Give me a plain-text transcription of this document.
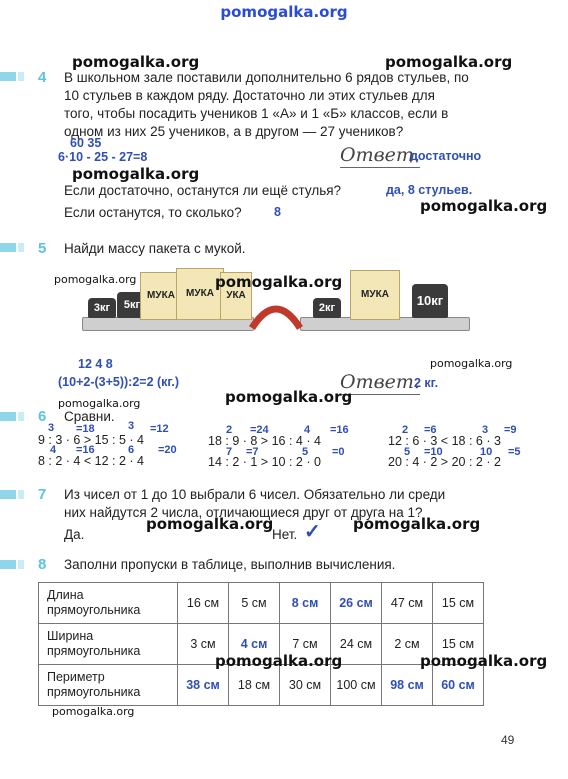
pomogalka.org
4 В школьном зале поставили дополнительно 6 рядов стульев, по
10 стульев в каждом ряду. Достаточно ли этих стульев для
того, чтобы посадить учеников 1 «А» и 1 «Б» классов, если в
одном из них 25 учеников, а в другом — 27 учеников?
pomogalka.org	pomogalka.org
60 35
6·10 - 25 - 27=8	Ответ.
достаточно
pomogalka.org
Если достаточно, останутся ли ещё стулья?	да, 8 стульев.
pomogalka.org
Если останутся, то сколько?	8
5 Найди массу пакета с мукой.
3кг	5кг
МУКА	МУКА	УКА
2кг
МУКА	10кг
pomogalka.org	pomogalka.org
pomogalka.org
12 4 8
(10+2-(3+5)):2=2 (кг.)	Ответ.
2 кг.
pomogalka.org
pomogalka.org
6 Сравни.
3 =18	3 =12
9 : 3 · 6 > 15 : 5 · 4
4 =16	6 =20
8 : 2 · 4 < 12 : 2 · 4
2 =24	4 =16
18 : 9 · 8 > 16 : 4 · 4
7 =7	5 =0
14 : 2 · 1 > 10 : 2 · 0
2 =6	3 =9
12 : 6 · 3 < 18 : 6 · 3
5 =10	10 =5
20 : 4 · 2 > 20 : 2 · 2
7 Из чисел от 1 до 10 выбрали 6 чисел. Обязательно ли среди
них найдутся 2 числа, отличающиеся друг от друга на 1?
Да.
pomogalka.org
Нет. ✓ pomogalka.org
8 Заполни пропуски в таблице, выполнив вычисления.
Длина
прямоугольника	16 см	5 см	8 см	26 см	47 см	15 см
Ширина
прямоугольника	3 см	4 см	7 см	24 см	2 см	15 см
Периметр
прямоугольника	38 см	18 см	30 см	100 см	98 см	60 см
pomogalka.org	pomogalka.org
pomogalka.org
pomogalka.org
49
